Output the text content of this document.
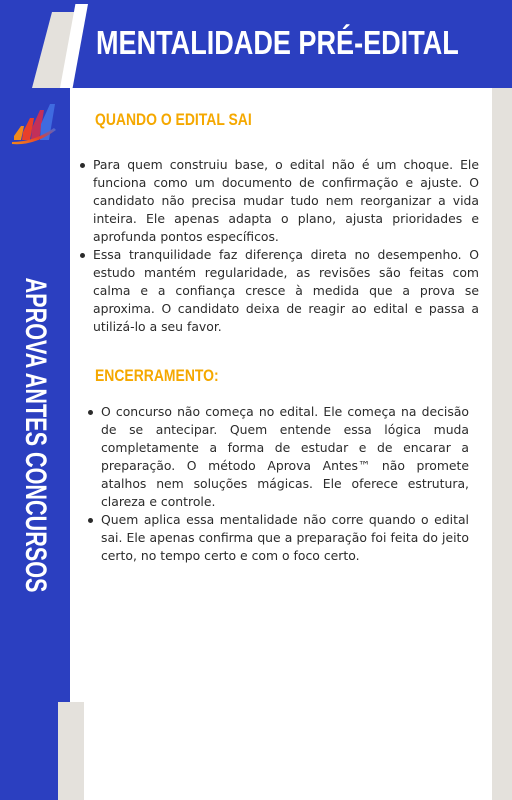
MENTALIDADE PRÉ-EDITAL
APROVA ANTES CONCURSOS
QUANDO O EDITAL SAI
Para quem construiu base, o edital não é um choque. Ele funciona como um documento de confirmação e ajuste. O candidato não precisa mudar tudo nem reorganizar a vida inteira. Ele apenas adapta o plano, ajusta prioridades e aprofunda pontos específicos.
Essa tranquilidade faz diferença direta no desempenho. O estudo mantém regularidade, as revisões são feitas com calma e a confiança cresce à medida que a prova se aproxima. O candidato deixa de reagir ao edital e passa a utilizá-lo a seu favor.
ENCERRAMENTO:
O concurso não começa no edital. Ele começa na decisão de se antecipar. Quem entende essa lógica muda completamente a forma de estudar e de encarar a preparação. O método Aprova Antes™ não promete atalhos nem soluções mágicas. Ele oferece estrutura, clareza e controle.
Quem aplica essa mentalidade não corre quando o edital sai. Ele apenas confirma que a preparação foi feita do jeito certo, no tempo certo e com o foco certo.
